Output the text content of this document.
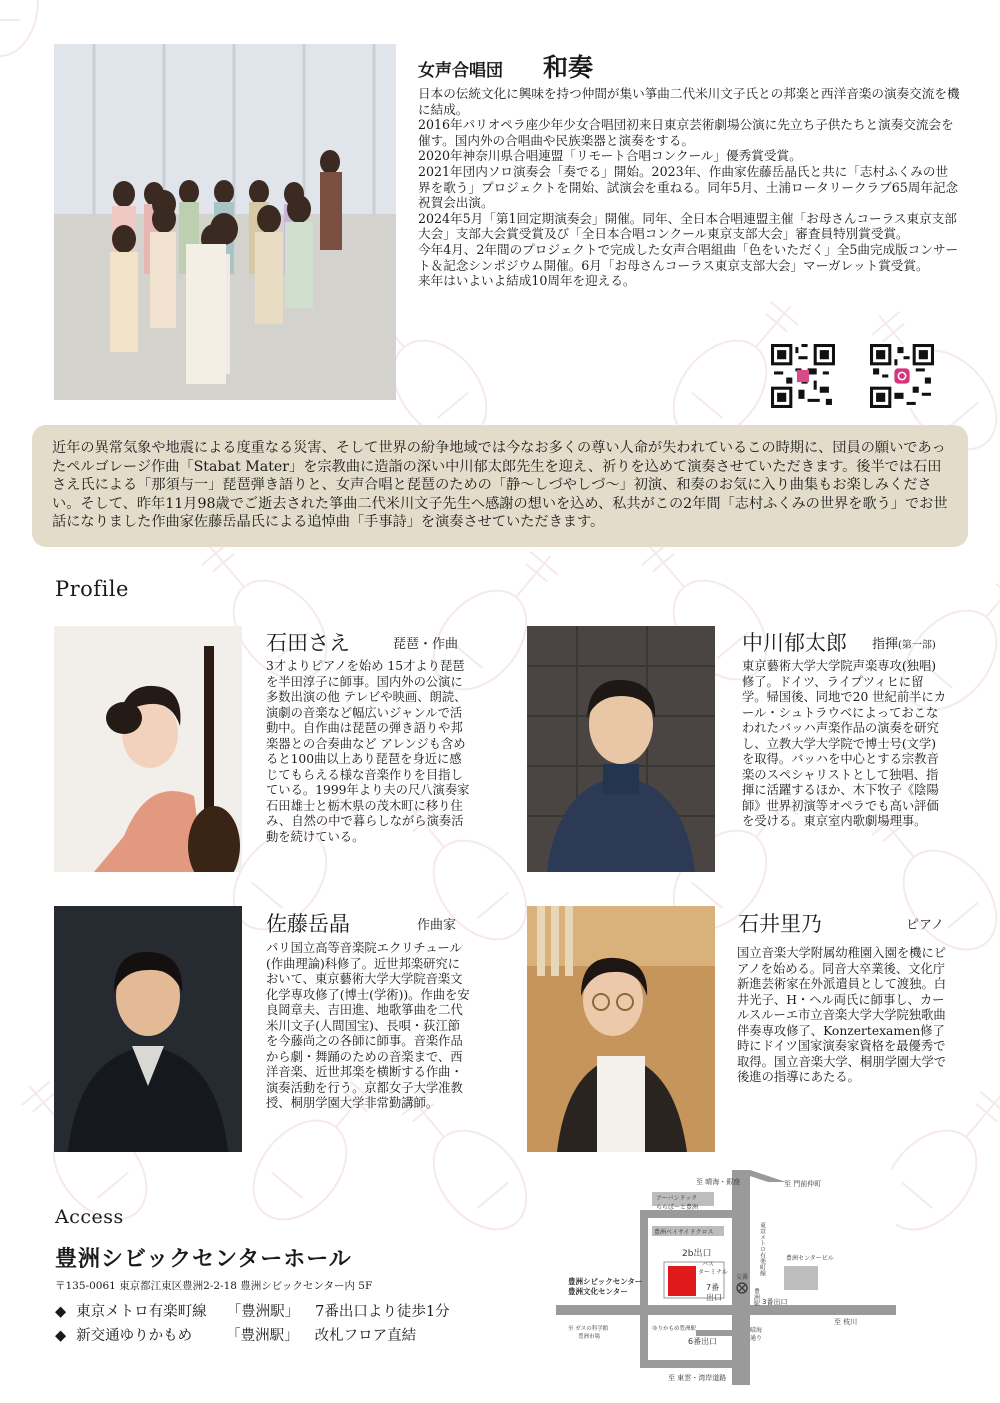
女声合唱団 和奏
日本の伝統文化に興味を持つ仲間が集い箏曲二代米川文子氏との邦楽と西洋音楽の演奏交流を機に結成。
2016年パリオペラ座少年少女合唱団初来日東京芸術劇場公演に先立ち子供たちと演奏交流会を催す。国内外の合唱曲や民族楽器と演奏をする。
2020年神奈川県合唱連盟「リモート合唱コンクール」優秀賞受賞。
2021年団内ソロ演奏会「奏でる」開始。2023年、作曲家佐藤岳晶氏と共に「志村ふくみの世界を歌う」プロジェクトを開始、試演会を重ねる。同年5月、土浦ロータリークラブ65周年記念祝賀会出演。
2024年5月「第1回定期演奏会」開催。同年、全日本合唱連盟主催「お母さんコーラス東京支部大会」支部大会賞受賞及び「全日本合唱コンクール東京支部大会」審査員特別賞受賞。
今年4月、2年間のプロジェクトで完成した女声合唱組曲「色をいただく」全5曲完成版コンサート＆記念シンポジウム開催。6月「お母さんコーラス東京支部大会」マーガレット賞受賞。
来年はいよいよ結成10周年を迎える。
近年の異常気象や地震による度重なる災害、そして世界の紛争地域では今なお多くの尊い人命が失われているこの時期に、団員の願いであったペルゴレージ作曲「Stabat Mater」を宗教曲に造詣の深い中川郁太郎先生を迎え、祈りを込めて演奏させていただきます。後半では石田さえ氏による「那須与一」琵琶弾き語りと、女声合唱と琵琶のための「静〜しづやしづ〜」初演、和奏のお気に入り曲集もお楽しみください。そして、昨年11月98歳でご逝去された箏曲二代米川文子先生へ感謝の想いを込め、私共がこの2年間「志村ふくみの世界を歌う」でお世話になりました作曲家佐藤岳晶氏による追悼曲「手事詩」を演奏させていただきます。
Profile
石田さえ	琵琶・作曲
3才よりピアノを始め 15才より琵琶を半田淳子に師事。国内外の公演に多数出演の他 テレビや映画、朗読、演劇の音楽など幅広いジャンルで活動中。自作曲は琵琶の弾き語りや邦楽器との合奏曲など アレンジも含めると100曲以上あり琵琶を身近に感じてもらえる様な音楽作りを目指している。1999年より夫の尺八演奏家 石田雄士と栃木県の茂木町に移り住み、自然の中で暮らしながら演奏活動を続けている。
中川郁太郎 指揮(第一部)
東京藝術大学大学院声楽専攻(独唱)修了。ドイツ、ライプツィヒに留学。帰国後、同地で20 世紀前半にカール・シュトラウベによっておこなわれたバッハ声楽作品の演奏を研究し、立教大学大学院で博士号(文学)を取得。バッハを中心とする宗教音楽のスペシャリストとして独唱、指揮に活躍するほか、木下牧子《陰陽師》世界初演等オペラでも高い評価を受ける。東京室内歌劇場理事。
佐藤岳晶	作曲家
パリ国立高等音楽院エクリチュール(作曲理論)科修了。近世邦楽研究において、東京藝術大学大学院音楽文化学専攻修了(博士(学術))。作曲を安良岡章夫、吉田進、地歌箏曲を二代米川文子(人間国宝)、長唄・荻江節を今藤尚之の各師に師事。音楽作品から劇・舞踊のための音楽まで、西洋音楽、近世邦楽を横断する作曲・演奏活動を行う。京都女子大学准教授、桐朋学園大学非常勤講師。
石井里乃	ピアノ
国立音楽大学附属幼稚園入園を機にピアノを始める。同音大卒業後、文化庁新進芸術家在外派遣員として渡独。白井光子、H・ヘル両氏に師事し、カールスルーエ市立音楽大学大学院独歌曲伴奏専攻修了、Konzertexamen修了時にドイツ国家演奏家資格を最優秀で取得。国立音楽大学、桐朋学園大学で後進の指導にあたる。
Access
豊洲シビックセンターホール
〒135-0061 東京都江東区豊洲2-2-18 豊洲シビックセンター内 5F
◆ 東京メトロ有楽町線 「豊洲駅」 7番出口より徒歩1分
◆ 新交通ゆりかもめ 「豊洲駅」 改札フロア直結
至 晴海・銀座	至 門前仲町
アーバンドック
ららぽーと豊洲
豊洲ベイサイドクロス
2b出口
バス
ターミナル
豊洲シビックセンター
豊洲文化センター	7番
出口
交番
東京メトロ有楽町線
豊洲駅
豊洲センタービル
3番出口
至 ガスの科学館
豊洲市場
ゆりかもめ豊洲駅
6番出口
晴海
通り
至 枝川
至 東雲・湾岸道路
